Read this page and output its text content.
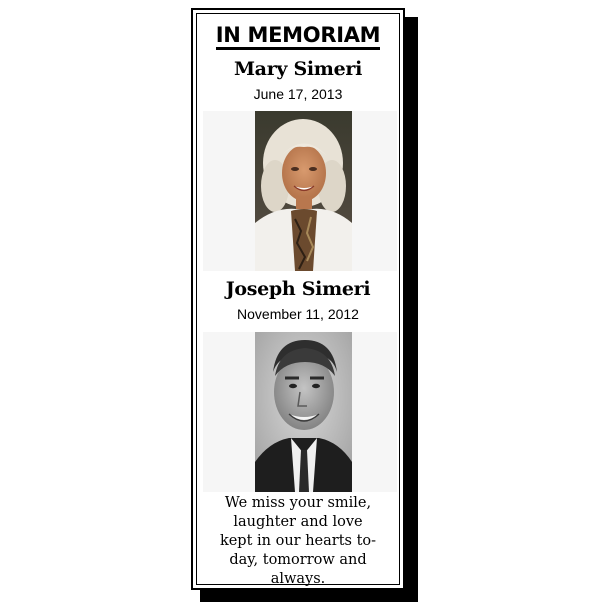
IN MEMORIAM
Mary Simeri
June 17, 2013
Joseph Simeri
November 11, 2012
We miss your smile,
laughter and love
kept in our hearts to-
day, tomorrow and
always.
